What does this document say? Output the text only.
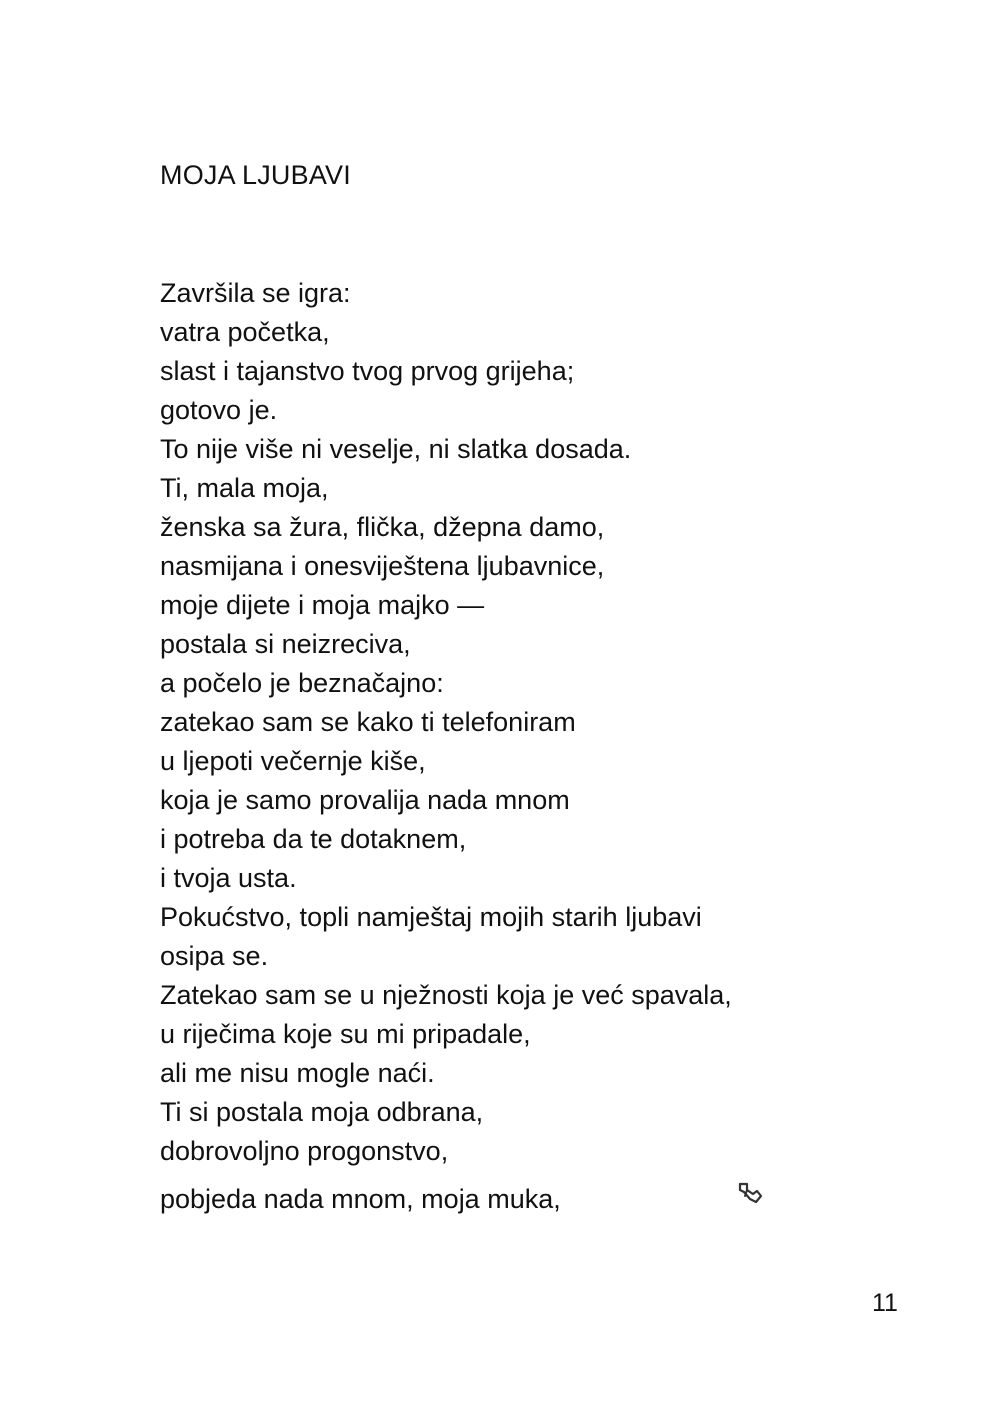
MOJA LJUBAVI
Završila se igra:
vatra početka,
slast i tajanstvo tvog prvog grijeha;
gotovo je.
To nije više ni veselje, ni slatka dosada.
Ti, mala moja,
ženska sa žura, flička, džepna damo,
nasmijana i onesviještena ljubavnice,
moje dijete i moja majko —
postala si neizreciva,
a počelo je beznačajno:
zatekao sam se kako ti telefoniram
u ljepoti večernje kiše,
koja je samo provalija nada mnom
i potreba da te dotaknem,
i tvoja usta.
Pokućstvo, topli namještaj mojih starih ljubavi
osipa se.
Zatekao sam se u nježnosti koja je već spavala,
u riječima koje su mi pripadale,
ali me nisu mogle naći.
Ti si postala moja odbrana,
dobrovoljno progonstvo,
pobjeda nada mnom, moja muka,
11
